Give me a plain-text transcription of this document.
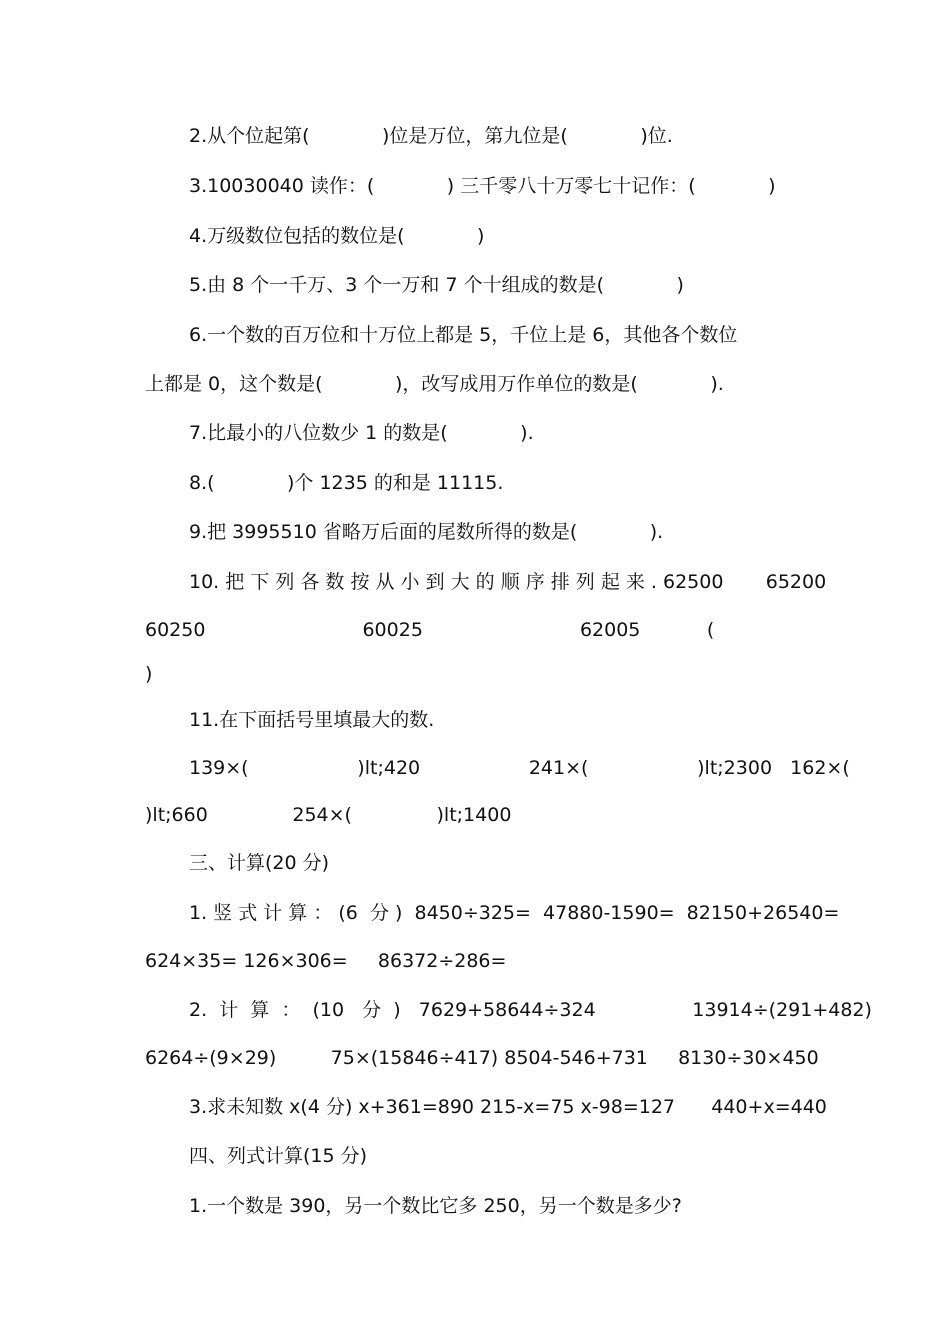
2.从个位起第(            )位是万位，第九位是(            )位.
3.10030040 读作：(            ) 三千零八十万零七十记作：(            )
4.万级数位包括的数位是(            )
5.由 8 个一千万、3 个一万和 7 个十组成的数是(            )
6.一个数的百万位和十万位上都是 5，千位上是 6，其他各个数位
上都是 0，这个数是(            )，改写成用万作单位的数是(            ).
7.比最小的八位数少 1 的数是(            ).
8.(            )个 1235 的和是 11115.
9.把 3995510 省略万后面的尾数所得的数是(            ).
10. 把 下 列 各 数 按 从 小 到 大 的 顺 序 排 列 起 来 . 62500       65200
60250                          60025                          62005           (
)
11.在下面括号里填最大的数.
139×(                  )lt;420                  241×(                  )lt;2300   162×(
)lt;660              254×(              )lt;1400
三、计算(20 分)
1. 竖 式 计 算 ： (6  分 )  8450÷325=  47880-1590=  82150+26540=
624×35= 126×306=     86372÷286=
2.  计  算  ：  (10   分  )   7629+58644÷324                13914÷(291+482)
6264÷(9×29)         75×(15846÷417) 8504-546+731     8130÷30×450
3.求未知数 x(4 分) x+361=890 215-x=75 x-98=127      440+x=440
四、列式计算(15 分)
1.一个数是 390，另一个数比它多 250，另一个数是多少?
